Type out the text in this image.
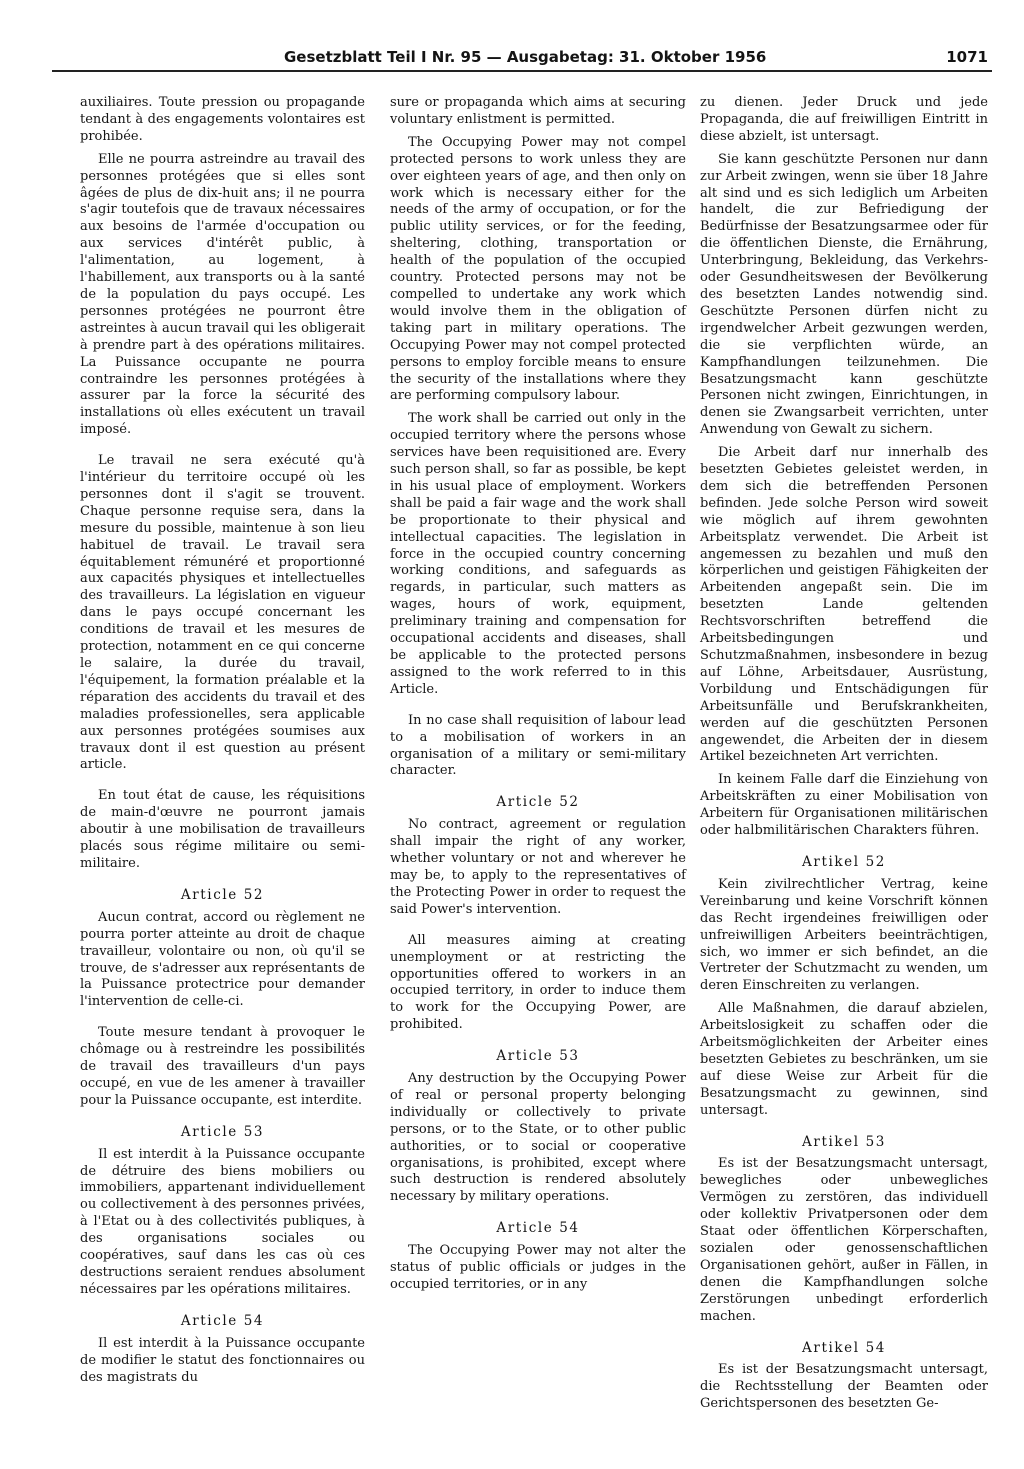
Gesetzblatt Teil I Nr. 95 — Ausgabetag: 31. Oktober 1956	1071

auxiliaires. Toute pression ou propagande tendant à des engagements volontaires est prohibée.

Elle ne pourra astreindre au travail des personnes protégées que si elles sont âgées de plus de dix-huit ans; il ne pourra s'agir toutefois que de travaux nécessaires aux besoins de l'armée d'occupation ou aux services d'intérêt public, à l'alimentation, au logement, à l'habillement, aux transports ou à la santé de la population du pays occupé. Les personnes protégées ne pourront être astreintes à aucun travail qui les obligerait à prendre part à des opérations militaires. La Puissance occupante ne pourra contraindre les personnes protégées à assurer par la force la sécurité des installations où elles exécutent un travail imposé.

Le travail ne sera exécuté qu'à l'intérieur du territoire occupé où les personnes dont il s'agit se trouvent. Chaque personne requise sera, dans la mesure du possible, maintenue à son lieu habituel de travail. Le travail sera équitablement rémunéré et proportionné aux capacités physiques et intellectuelles des travailleurs. La législation en vigueur dans le pays occupé concernant les conditions de travail et les mesures de protection, notamment en ce qui concerne le salaire, la durée du travail, l'équipement, la formation préalable et la réparation des accidents du travail et des maladies professionelles, sera applicable aux personnes protégées soumises aux travaux dont il est question au présent article.

En tout état de cause, les réquisitions de main-d'œuvre ne pourront jamais aboutir à une mobilisation de travailleurs placés sous régime militaire ou semi-militaire.

Article 52

Aucun contrat, accord ou règlement ne pourra porter atteinte au droit de chaque travailleur, volontaire ou non, où qu'il se trouve, de s'adresser aux représentants de la Puissance protectrice pour demander l'intervention de celle-ci.

Toute mesure tendant à provoquer le chômage ou à restreindre les possibilités de travail des travailleurs d'un pays occupé, en vue de les amener à travailler pour la Puissance occupante, est interdite.

Article 53

Il est interdit à la Puissance occupante de détruire des biens mobiliers ou immobiliers, appartenant individuellement ou collectivement à des personnes privées, à l'Etat ou à des collectivités publiques, à des organisations sociales ou coopératives, sauf dans les cas où ces destructions seraient rendues absolument nécessaires par les opérations militaires.

Article 54

Il est interdit à la Puissance occupante de modifier le statut des fonctionnaires ou des magistrats du

sure or propaganda which aims at securing voluntary enlistment is permitted.

The Occupying Power may not compel protected persons to work unless they are over eighteen years of age, and then only on work which is necessary either for the needs of the army of occupation, or for the public utility services, or for the feeding, sheltering, clothing, transportation or health of the population of the occupied country. Protected persons may not be compelled to undertake any work which would involve them in the obligation of taking part in military operations. The Occupying Power may not compel protected persons to employ forcible means to ensure the security of the installations where they are performing compulsory labour.

The work shall be carried out only in the occupied territory where the persons whose services have been requisitioned are. Every such person shall, so far as possible, be kept in his usual place of employment. Workers shall be paid a fair wage and the work shall be proportionate to their physical and intellectual capacities. The legislation in force in the occupied country concerning working conditions, and safeguards as regards, in particular, such matters as wages, hours of work, equipment, preliminary training and compensation for occupational accidents and diseases, shall be applicable to the protected persons assigned to the work referred to in this Article.

In no case shall requisition of labour lead to a mobilisation of workers in an organisation of a military or semi-military character.

Article 52

No contract, agreement or regulation shall impair the right of any worker, whether voluntary or not and wherever he may be, to apply to the representatives of the Protecting Power in order to request the said Power's intervention.

All measures aiming at creating unemployment or at restricting the opportunities offered to workers in an occupied territory, in order to induce them to work for the Occupying Power, are prohibited.

Article 53

Any destruction by the Occupying Power of real or personal property belonging individually or collectively to private persons, or to the State, or to other public authorities, or to social or cooperative organisations, is prohibited, except where such destruction is rendered absolutely necessary by military operations.

Article 54

The Occupying Power may not alter the status of public officials or judges in the occupied territories, or in any

zu dienen. Jeder Druck und jede Propaganda, die auf freiwilligen Eintritt in diese abzielt, ist untersagt.

Sie kann geschützte Personen nur dann zur Arbeit zwingen, wenn sie über 18 Jahre alt sind und es sich lediglich um Arbeiten handelt, die zur Befriedigung der Bedürfnisse der Besatzungsarmee oder für die öffentlichen Dienste, die Ernährung, Unterbringung, Bekleidung, das Verkehrs- oder Gesundheitswesen der Bevölkerung des besetzten Landes notwendig sind. Geschützte Personen dürfen nicht zu irgendwelcher Arbeit gezwungen werden, die sie verpflichten würde, an Kampfhandlungen teilzunehmen. Die Besatzungsmacht kann geschützte Personen nicht zwingen, Einrichtungen, in denen sie Zwangsarbeit verrichten, unter Anwendung von Gewalt zu sichern.

Die Arbeit darf nur innerhalb des besetzten Gebietes geleistet werden, in dem sich die betreffenden Personen befinden. Jede solche Person wird soweit wie möglich auf ihrem gewohnten Arbeitsplatz verwendet. Die Arbeit ist angemessen zu bezahlen und muß den körperlichen und geistigen Fähigkeiten der Arbeitenden angepaßt sein. Die im besetzten Lande geltenden Rechtsvorschriften betreffend die Arbeitsbedingungen und Schutzmaßnahmen, insbesondere in bezug auf Löhne, Arbeitsdauer, Ausrüstung, Vorbildung und Entschädigungen für Arbeitsunfälle und Berufskrankheiten, werden auf die geschützten Personen angewendet, die Arbeiten der in diesem Artikel bezeichneten Art verrichten.

In keinem Falle darf die Einziehung von Arbeitskräften zu einer Mobilisation von Arbeitern für Organisationen militärischen oder halbmilitärischen Charakters führen.

Artikel 52

Kein zivilrechtlicher Vertrag, keine Vereinbarung und keine Vorschrift können das Recht irgendeines freiwilligen oder unfreiwilligen Arbeiters beeinträchtigen, sich, wo immer er sich befindet, an die Vertreter der Schutzmacht zu wenden, um deren Einschreiten zu verlangen.

Alle Maßnahmen, die darauf abzielen, Arbeitslosigkeit zu schaffen oder die Arbeitsmöglichkeiten der Arbeiter eines besetzten Gebietes zu beschränken, um sie auf diese Weise zur Arbeit für die Besatzungsmacht zu gewinnen, sind untersagt.

Artikel 53

Es ist der Besatzungsmacht untersagt, bewegliches oder unbewegliches Vermögen zu zerstören, das individuell oder kollektiv Privatpersonen oder dem Staat oder öffentlichen Körperschaften, sozialen oder genossenschaftlichen Organisationen gehört, außer in Fällen, in denen die Kampfhandlungen solche Zerstörungen unbedingt erforderlich machen.

Artikel 54

Es ist der Besatzungsmacht untersagt, die Rechtsstellung der Beamten oder Gerichtspersonen des besetzten Ge-
